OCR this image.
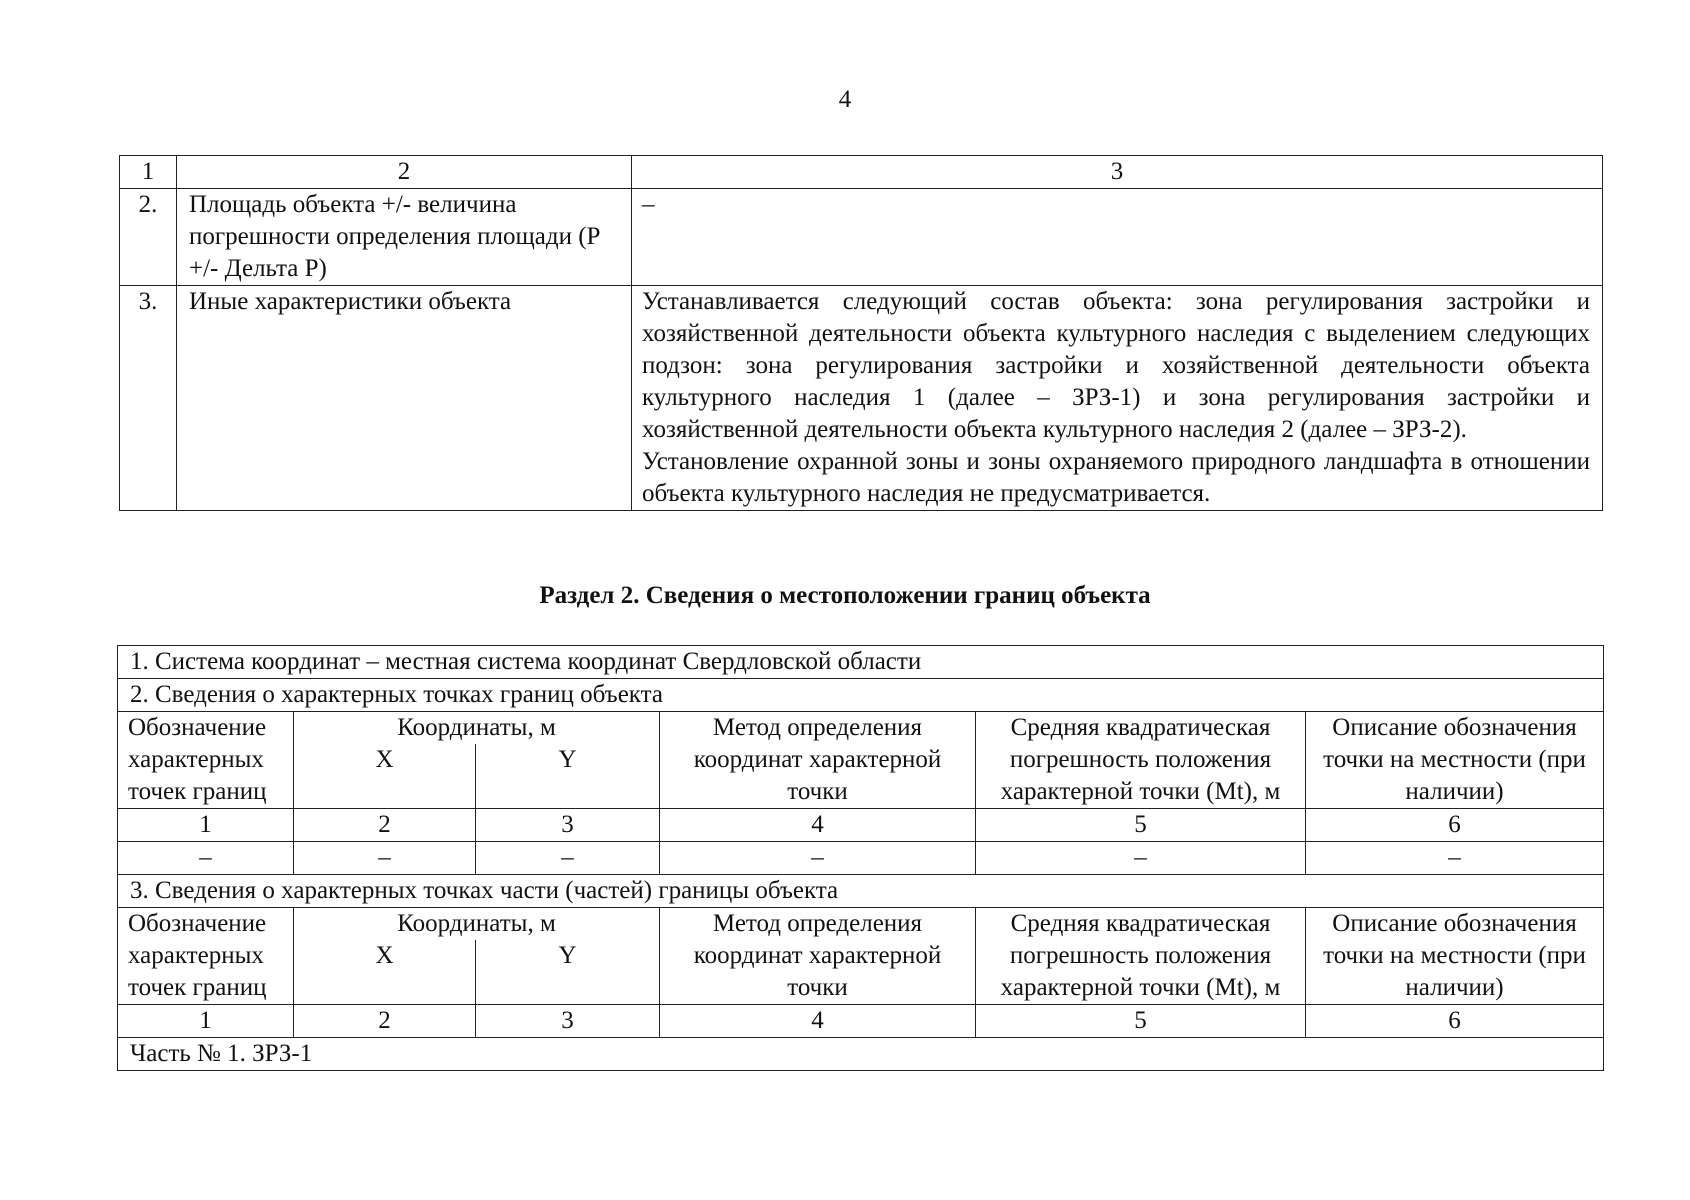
4
1	2	3
2.	Площадь объекта +/- величина погрешности определения площади (Р +/- Дельта Р)	–
3.	Иные характеристики объекта	Устанавливается следующий состав объекта: зона регулирования застройки и хозяйственной деятельности объекта культурного наследия с выделением следующих подзон: зона регулирования застройки и хозяйственной деятельности объекта культурного наследия 1 (далее – ЗРЗ-1) и зона регулирования застройки и хозяйственной деятельности объекта культурного наследия 2 (далее – ЗРЗ-2).
Установление охранной зоны и зоны охраняемого природного ландшафта в отношении объекта культурного наследия не предусматривается.
Раздел 2. Сведения о местоположении границ объекта
1. Система координат – местная система координат Свердловской области					
2. Сведения о характерных точках границ объекта					
Обозначение характерных точек границ	Координаты, м		Метод определения координат характерной точки	Средняя квадратическая погрешность положения характерной точки (Mt), м	Описание обозначения точки на местности (при наличии)
	X	Y			
1	2	3	4	5	6
–	–	–	–	–	–
3. Сведения о характерных точках части (частей) границы объекта					
Обозначение характерных точек границ	Координаты, м		Метод определения координат характерной точки	Средняя квадратическая погрешность положения характерной точки (Mt), м	Описание обозначения точки на местности (при наличии)
	X	Y			
1	2	3	4	5	6
Часть № 1. ЗРЗ-1					
